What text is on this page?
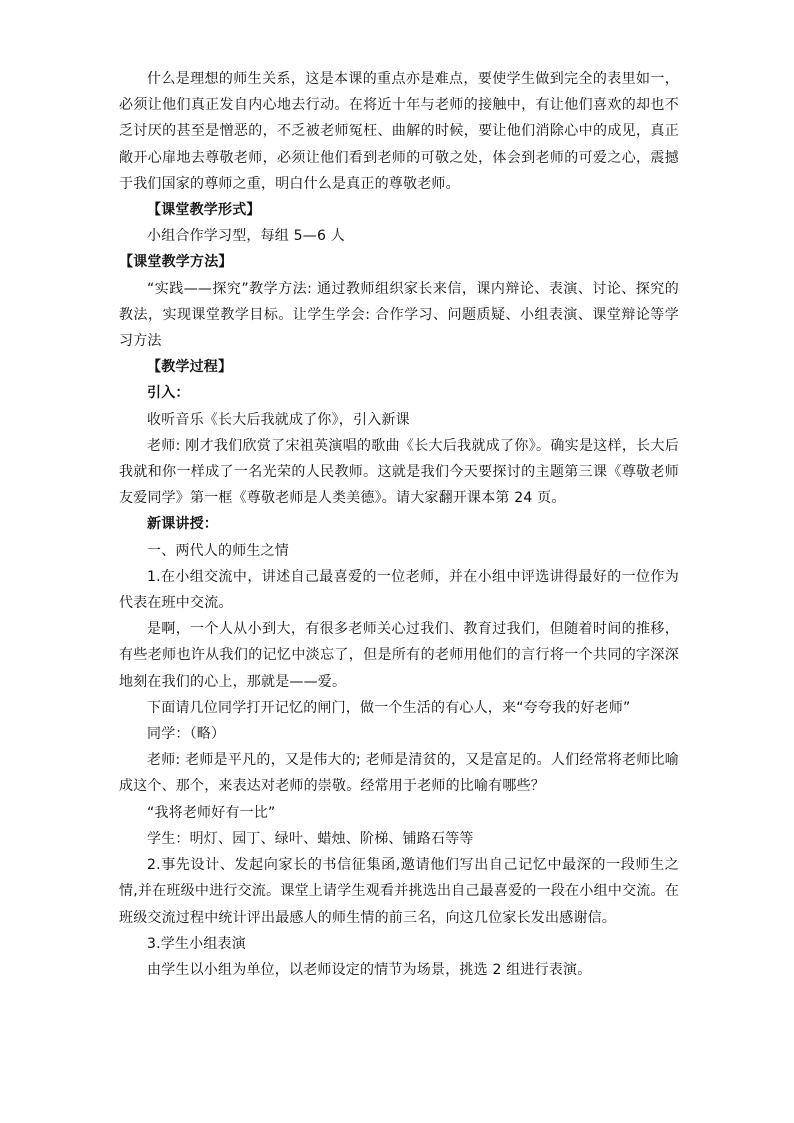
什么是理想的师生关系，这是本课的重点亦是难点，要使学生做到完全的表里如一，必须让他们真正发自内心地去行动。在将近十年与老师的接触中，有让他们喜欢的却也不乏讨厌的甚至是憎恶的，不乏被老师冤枉、曲解的时候，要让他们消除心中的成见，真正敞开心扉地去尊敬老师，必须让他们看到老师的可敬之处，体会到老师的可爱之心，震撼于我们国家的尊师之重，明白什么是真正的尊敬老师。

【课堂教学形式】

小组合作学习型，每组 5—6 人

【课堂教学方法】

“实践——探究”教学方法: 通过教师组织家长来信，课内辩论、表演、讨论、探究的教法，实现课堂教学目标。让学生学会: 合作学习、问题质疑、小组表演、课堂辩论等学习方法

【教学过程】

引入：

收听音乐《长大后我就成了你》，引入新课

老师: 刚才我们欣赏了宋祖英演唱的歌曲《长大后我就成了你》。确实是这样，长大后我就和你一样成了一名光荣的人民教师。这就是我们今天要探讨的主题第三课《尊敬老师友爱同学》第一框《尊敬老师是人类美德》。请大家翻开课本第 24 页。

新课讲授：

一、两代人的师生之情

1.在小组交流中，讲述自己最喜爱的一位老师，并在小组中评选讲得最好的一位作为代表在班中交流。

是啊，一个人从小到大，有很多老师关心过我们、教育过我们，但随着时间的推移，有些老师也许从我们的记忆中淡忘了，但是所有的老师用他们的言行将一个共同的字深深地刻在我们的心上，那就是——爱。

下面请几位同学打开记忆的闸门，做一个生活的有心人，来“夸夸我的好老师”

同学：（略）

老师: 老师是平凡的，又是伟大的; 老师是清贫的，又是富足的。人们经常将老师比喻成这个、那个，来表达对老师的崇敬。经常用于老师的比喻有哪些？

“我将老师好有一比”

学生：明灯、园丁、绿叶、蜡烛、阶梯、铺路石等等

2.事先设计、发起向家长的书信征集函,邀请他们写出自己记忆中最深的一段师生之情,并在班级中进行交流。课堂上请学生观看并挑选出自己最喜爱的一段在小组中交流。在班级交流过程中统计评出最感人的师生情的前三名，向这几位家长发出感谢信。

3.学生小组表演

由学生以小组为单位，以老师设定的情节为场景，挑选 2 组进行表演。
